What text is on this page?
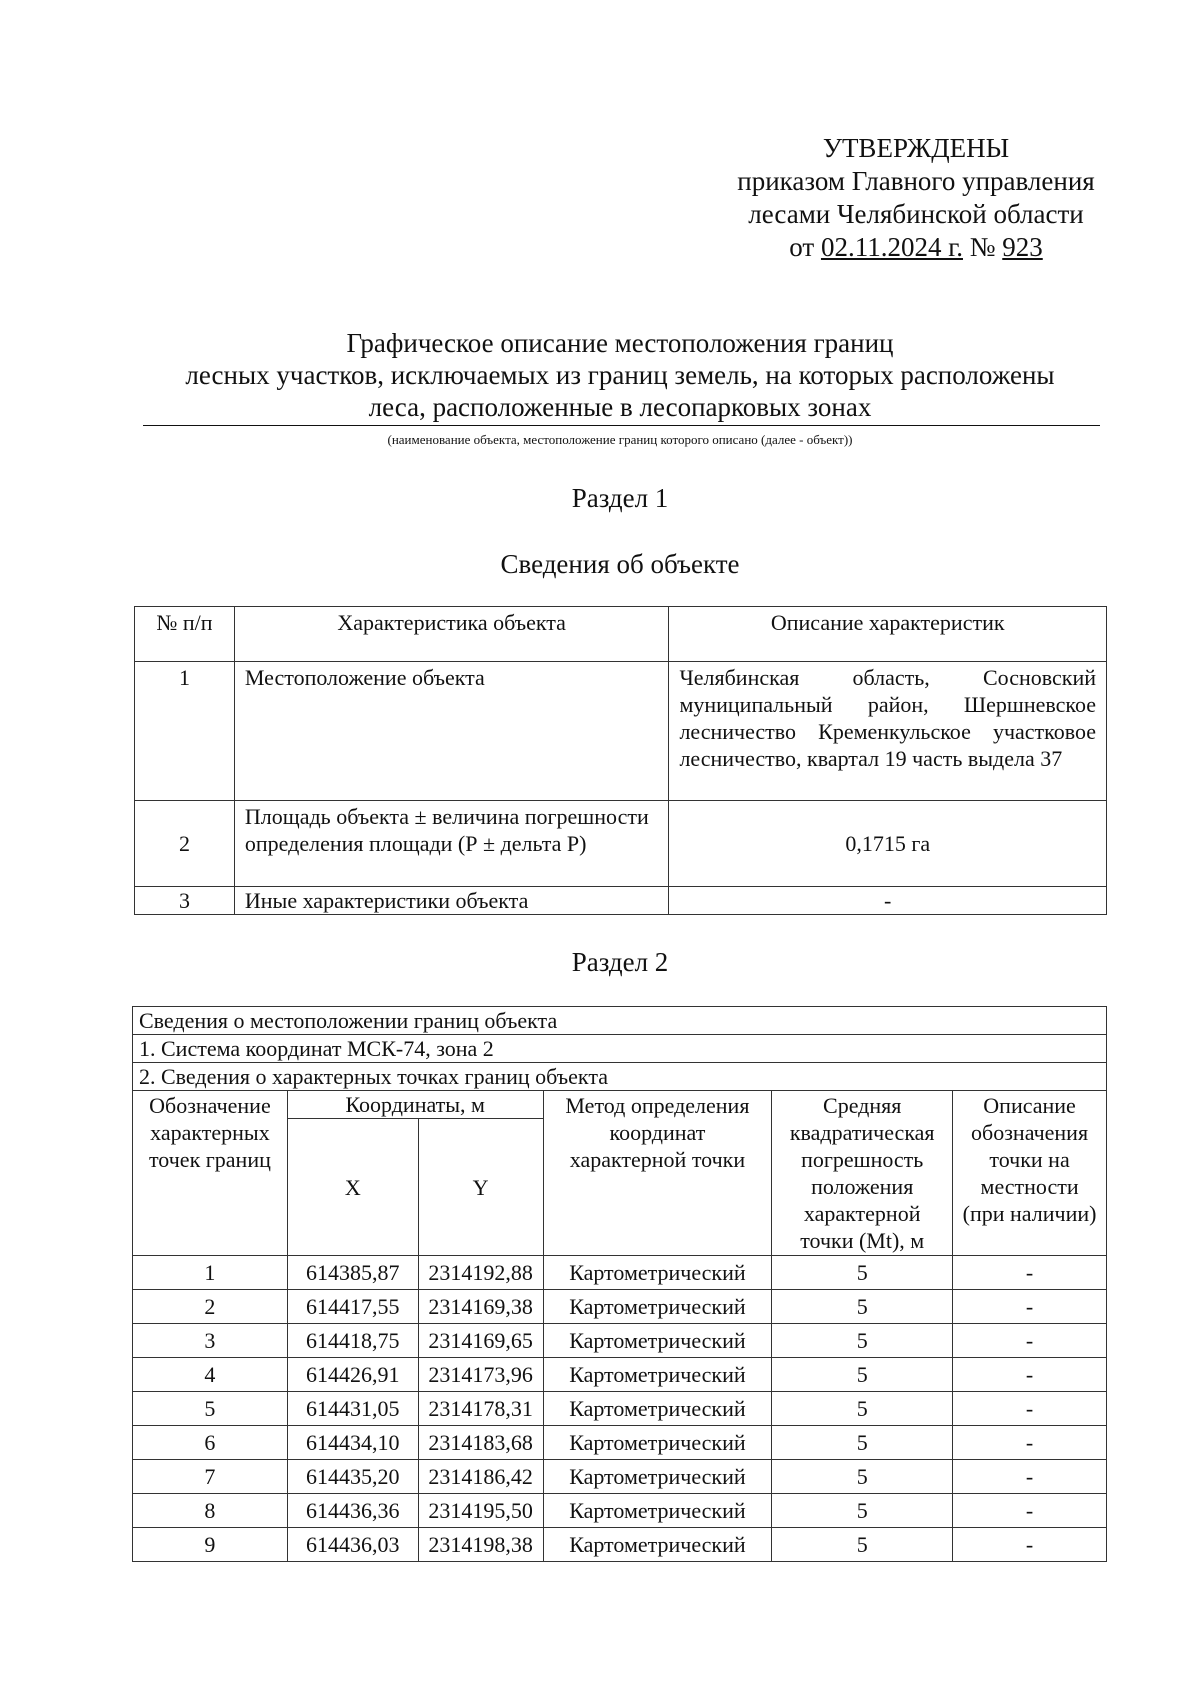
УТВЕРЖДЕНЫ
приказом Главного управления
лесами Челябинской области
от 02.11.2024 г. № 923
Графическое описание местоположения границ
лесных участков, исключаемых из границ земель, на которых расположены
леса, расположенные в лесопарковых зонах
(наименование объекта, местоположение границ которого описано (далее - объект))
Раздел 1
Сведения об объекте
№ п/п	Характеристика объекта	Описание характеристик
1	Местоположение объекта	Челябинская область, Сосновский муниципальный район, Шершневское лесничество Кременкульское участковое лесничество, квартал 19 часть выдела 37
2	Площадь объекта ± величина погрешности определения площади (Р ± дельта Р)	0,1715 га
3	Иные характеристики объекта	-
Раздел 2
Сведения о местоположении границ объекта					
1. Система координат МСК-74, зона 2					
2. Сведения о характерных точках границ объекта					
Обозначение характерных точек границ	Координаты, м		Метод определения координат характерной точки	Средняя квадратическая погрешность положения характерной точки (Mt), м	Описание обозначения точки на местности (при наличии)
	X	Y			
1	614385,87	2314192,88	Картометрический	5	-
2	614417,55	2314169,38	Картометрический	5	-
3	614418,75	2314169,65	Картометрический	5	-
4	614426,91	2314173,96	Картометрический	5	-
5	614431,05	2314178,31	Картометрический	5	-
6	614434,10	2314183,68	Картометрический	5	-
7	614435,20	2314186,42	Картометрический	5	-
8	614436,36	2314195,50	Картометрический	5	-
9	614436,03	2314198,38	Картометрический	5	-
